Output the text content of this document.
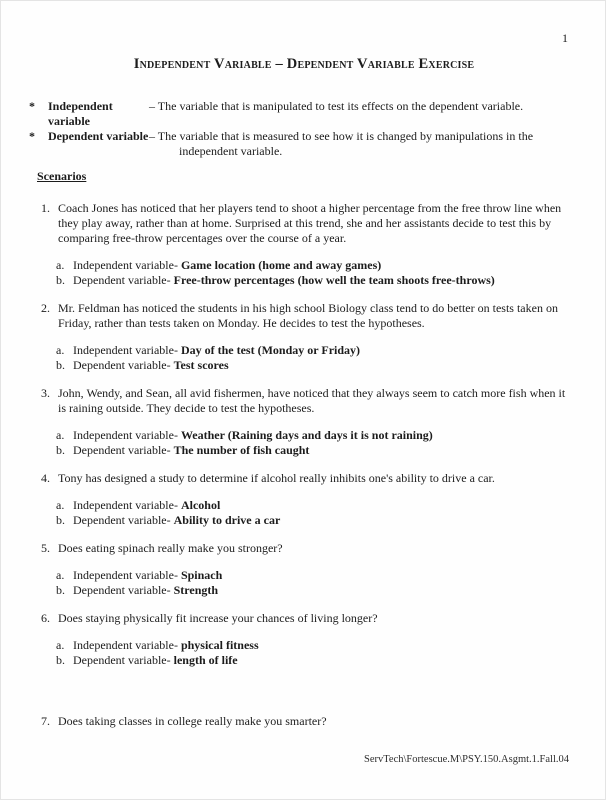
1
Independent Variable – Dependent Variable Exercise
*	Independent variable
– The variable that is manipulated to test its effects on the dependent variable.
*	Dependent variable – The variable that is measured to see how it is changed by manipulations in the independent variable.
Scenarios
1. Coach Jones has noticed that her players tend to shoot a higher percentage from the free throw line when they play away, rather than at home. Surprised at this trend, she and her assistants decide to test this by comparing free-throw percentages over the course of a year.
a. Independent variable- Game location (home and away games)
b. Dependent variable- Free-throw percentages (how well the team shoots free-throws)
2. Mr. Feldman has noticed the students in his high school Biology class tend to do better on tests taken on Friday, rather than tests taken on Monday. He decides to test the hypotheses.
a. Independent variable- Day of the test (Monday or Friday)
b. Dependent variable- Test scores
3. John, Wendy, and Sean, all avid fishermen, have noticed that they always seem to catch more fish when it is raining outside. They decide to test the hypotheses.
a. Independent variable- Weather (Raining days and days it is not raining)
b. Dependent variable- The number of fish caught
4. Tony has designed a study to determine if alcohol really inhibits one's ability to drive a car.
a. Independent variable- Alcohol
b. Dependent variable- Ability to drive a car
5. Does eating spinach really make you stronger?
a. Independent variable- Spinach
b. Dependent variable- Strength
6. Does staying physically fit increase your chances of living longer?
a. Independent variable- physical fitness
b. Dependent variable- length of life
7. Does taking classes in college really make you smarter?
ServTech\Fortescue.M\PSY.150.Asgmt.1.Fall.04
